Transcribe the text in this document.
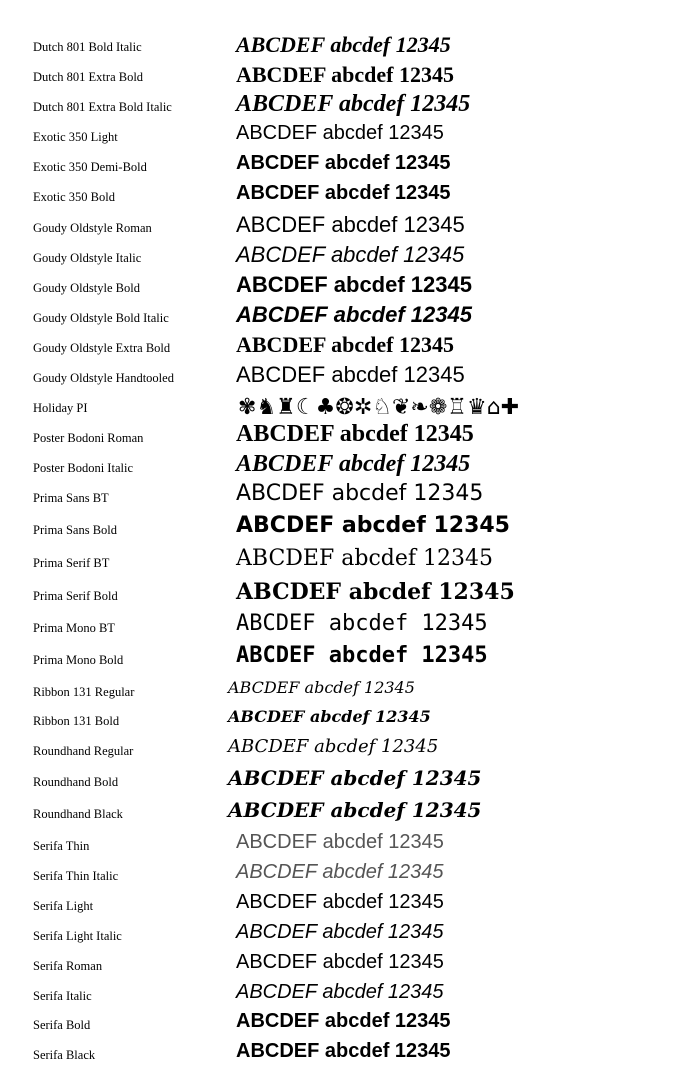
Dutch 801 Bold Italic	ABCDEF abcdef 12345
Dutch 801 Extra Bold	ABCDEF abcdef 12345
Dutch 801 Extra Bold Italic	ABCDEF abcdef 12345
Exotic 350 Light	ABCDEF abcdef 12345
Exotic 350 Demi-Bold	ABCDEF abcdef 12345
Exotic 350 Bold	ABCDEF abcdef 12345
Goudy Oldstyle Roman	ABCDEF abcdef 12345
Goudy Oldstyle Italic	ABCDEF abcdef 12345
Goudy Oldstyle Bold	ABCDEF abcdef 12345
Goudy Oldstyle Bold Italic	ABCDEF abcdef 12345
Goudy Oldstyle Extra Bold	ABCDEF abcdef 12345
Goudy Oldstyle Handtooled	ABCDEF abcdef 12345
Holiday PI	✾ ♞ ♜ ☾ ♣ ❂ ✲ ♘ ❦ ❧ ❁ ♖ ♛ ⌂ ✚
Poster Bodoni Roman	ABCDEF abcdef 12345
Poster Bodoni Italic	ABCDEF abcdef 12345
Prima Sans BT	ABCDEF abcdef 12345
Prima Sans Bold	ABCDEF abcdef 12345
Prima Serif BT	ABCDEF abcdef 12345
Prima Serif Bold	ABCDEF abcdef 12345
Prima Mono BT	ABCDEF abcdef 12345
Prima Mono Bold	ABCDEF abcdef 12345
Ribbon 131 Regular	ABCDEF abcdef 12345
Ribbon 131 Bold	ABCDEF abcdef 12345
Roundhand Regular	ABCDEF abcdef 12345
Roundhand Bold	ABCDEF abcdef 12345
Roundhand Black	ABCDEF abcdef 12345
Serifa Thin	ABCDEF abcdef 12345
Serifa Thin Italic	ABCDEF abcdef 12345
Serifa Light	ABCDEF abcdef 12345
Serifa Light Italic	ABCDEF abcdef 12345
Serifa Roman	ABCDEF abcdef 12345
Serifa Italic	ABCDEF abcdef 12345
Serifa Bold	ABCDEF abcdef 12345
Serifa Black	ABCDEF abcdef 12345
